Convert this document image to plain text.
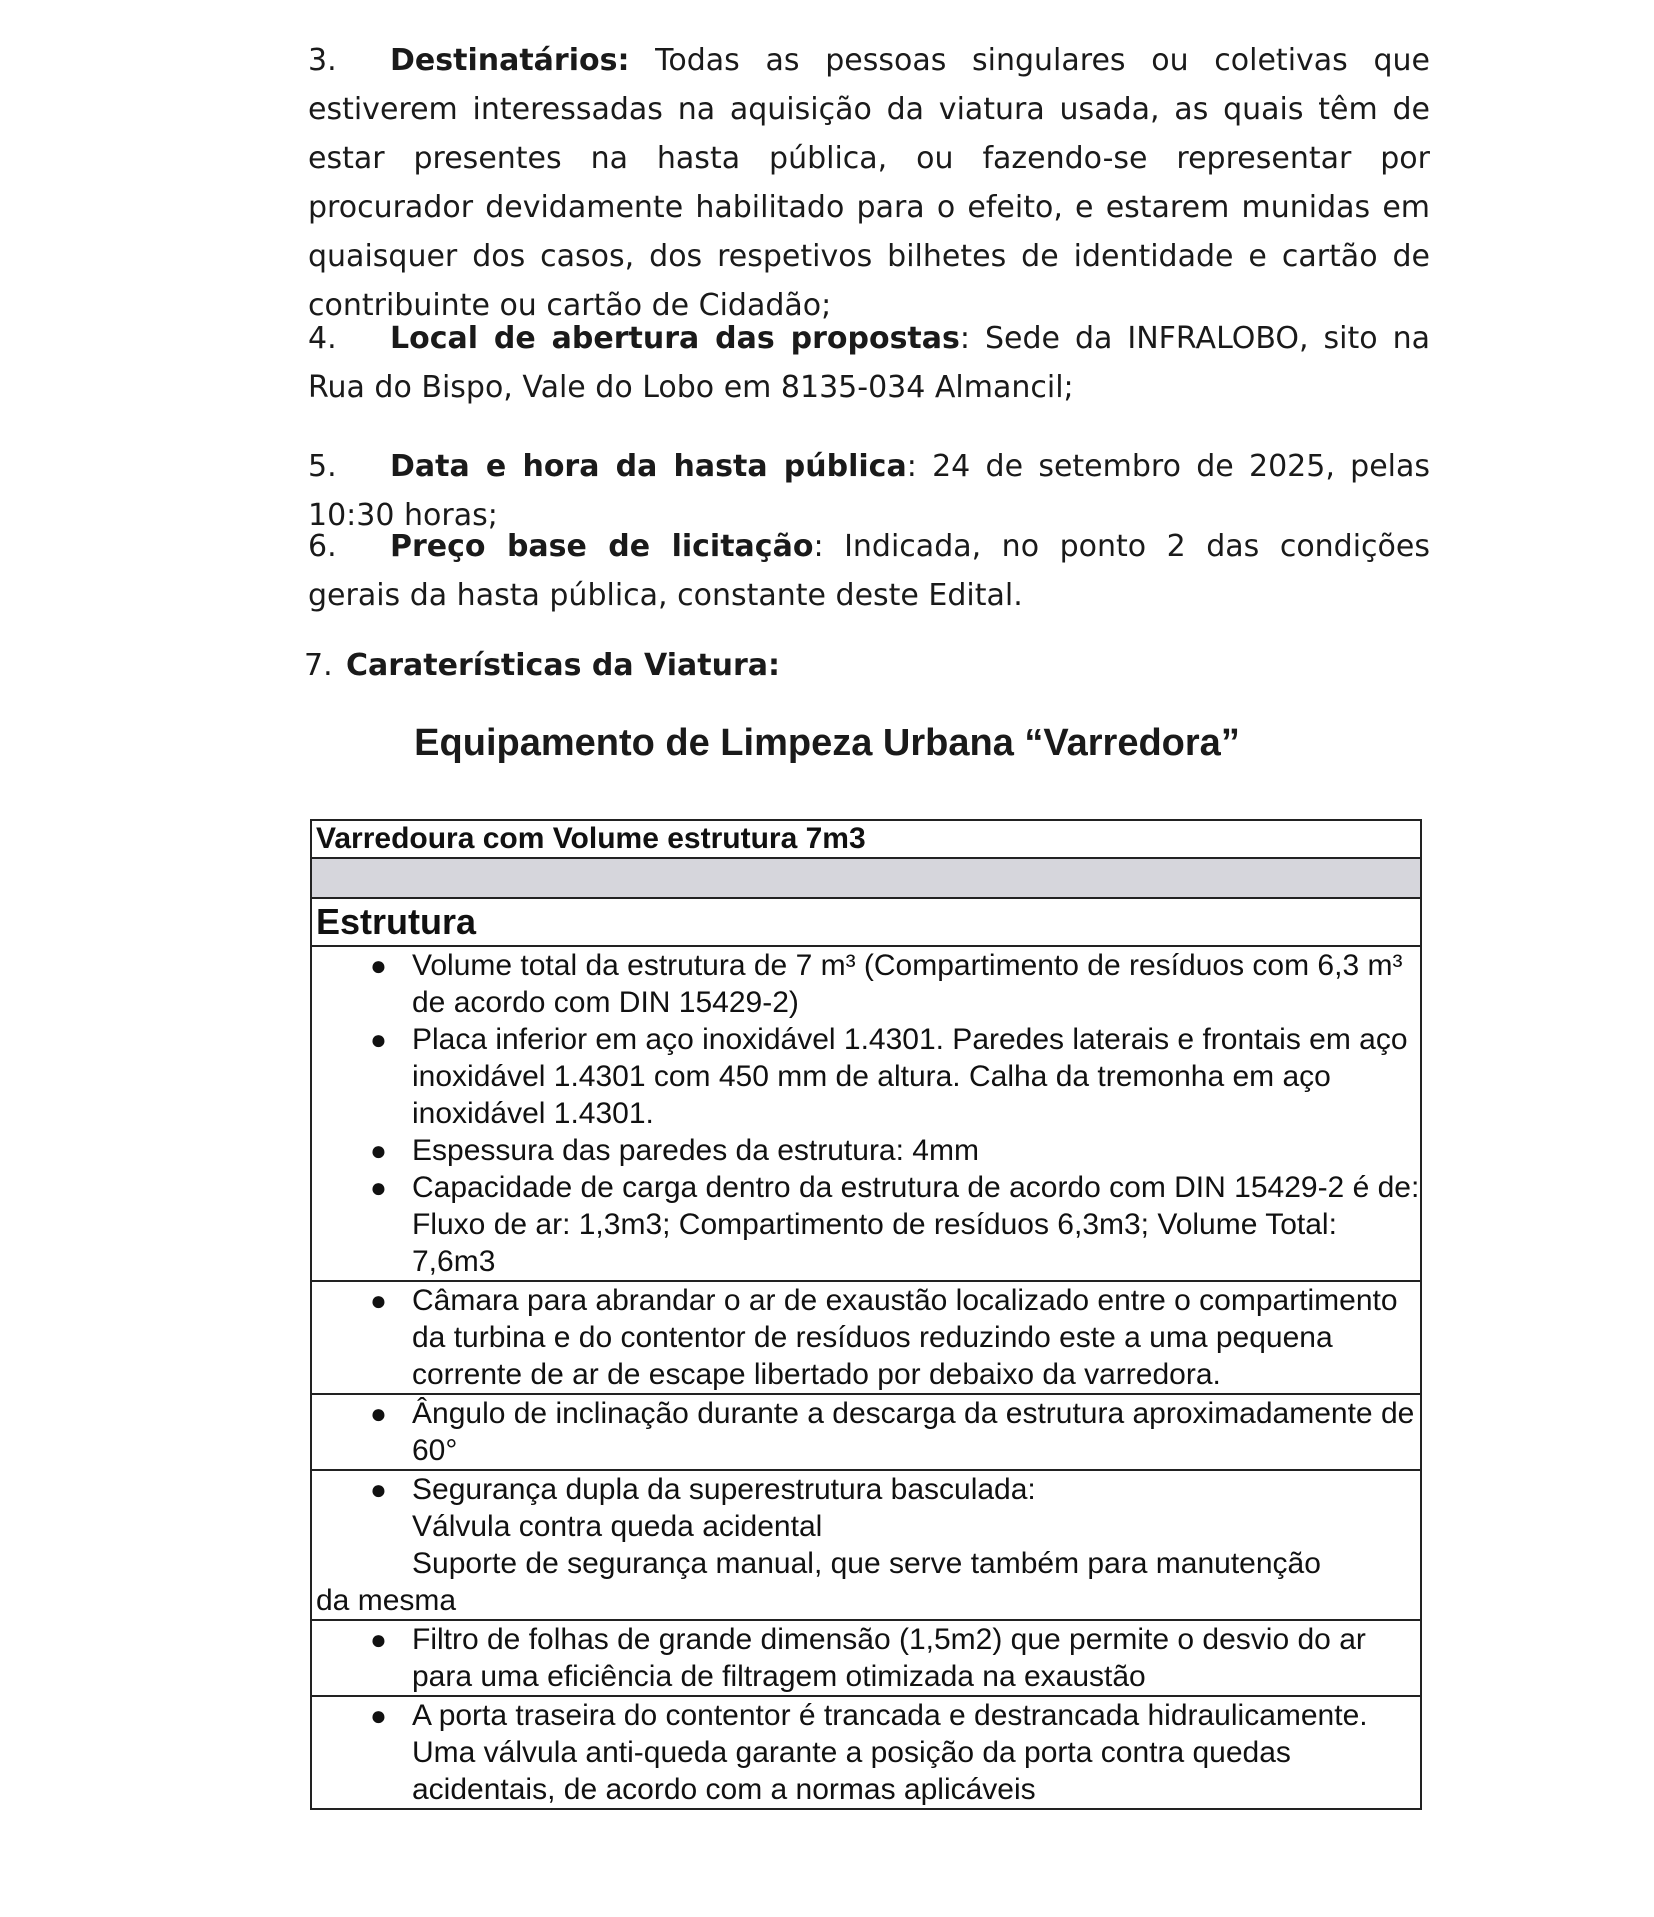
3. Destinatários: Todas as pessoas singulares ou coletivas que estiverem interessadas na aquisição da viatura usada, as quais têm de estar presentes na hasta pública, ou fazendo-se representar por procurador devidamente habilitado para o efeito, e estarem munidas em quaisquer dos casos, dos respetivos bilhetes de identidade e cartão de contribuinte ou cartão de Cidadão;

4. Local de abertura das propostas: Sede da INFRALOBO, sito na Rua do Bispo, Vale do Lobo em 8135-034 Almancil;

5. Data e hora da hasta pública: 24 de setembro de 2025, pelas 10:30 horas;

6. Preço base de licitação: Indicada, no ponto 2 das condições gerais da hasta pública, constante deste Edital.

7. Caraterísticas da Viatura:
Equipamento de Limpeza Urbana “Varredora”
Varredoura com Volume estrutura 7m3

Estrutura

● Volume total da estrutura de 7 m³ (Compartimento de resíduos com 6,3 m³ de acordo com DIN 15429-2)
● Placa inferior em aço inoxidável 1.4301. Paredes laterais e frontais em aço inoxidável 1.4301 com 450 mm de altura. Calha da tremonha em aço inoxidável 1.4301.
● Espessura das paredes da estrutura: 4mm
● Capacidade de carga dentro da estrutura de acordo com DIN 15429-2 é de: Fluxo de ar: 1,3m3; Compartimento de resíduos 6,3m3; Volume Total: 7,6m3

● Câmara para abrandar o ar de exaustão localizado entre o compartimento da turbina e do contentor de resíduos reduzindo este a uma pequena corrente de ar de escape libertado por debaixo da varredora.

● Ângulo de inclinação durante a descarga da estrutura aproximadamente de 60°

● Segurança dupla da superestrutura basculada:
Válvula contra queda acidental
Suporte de segurança manual, que serve também para manutenção
da mesma

● Filtro de folhas de grande dimensão (1,5m2) que permite o desvio do ar para uma eficiência de filtragem otimizada na exaustão

● A porta traseira do contentor é trancada e destrancada hidraulicamente. Uma válvula anti-queda garante a posição da porta contra quedas acidentais, de acordo com a normas aplicáveis
